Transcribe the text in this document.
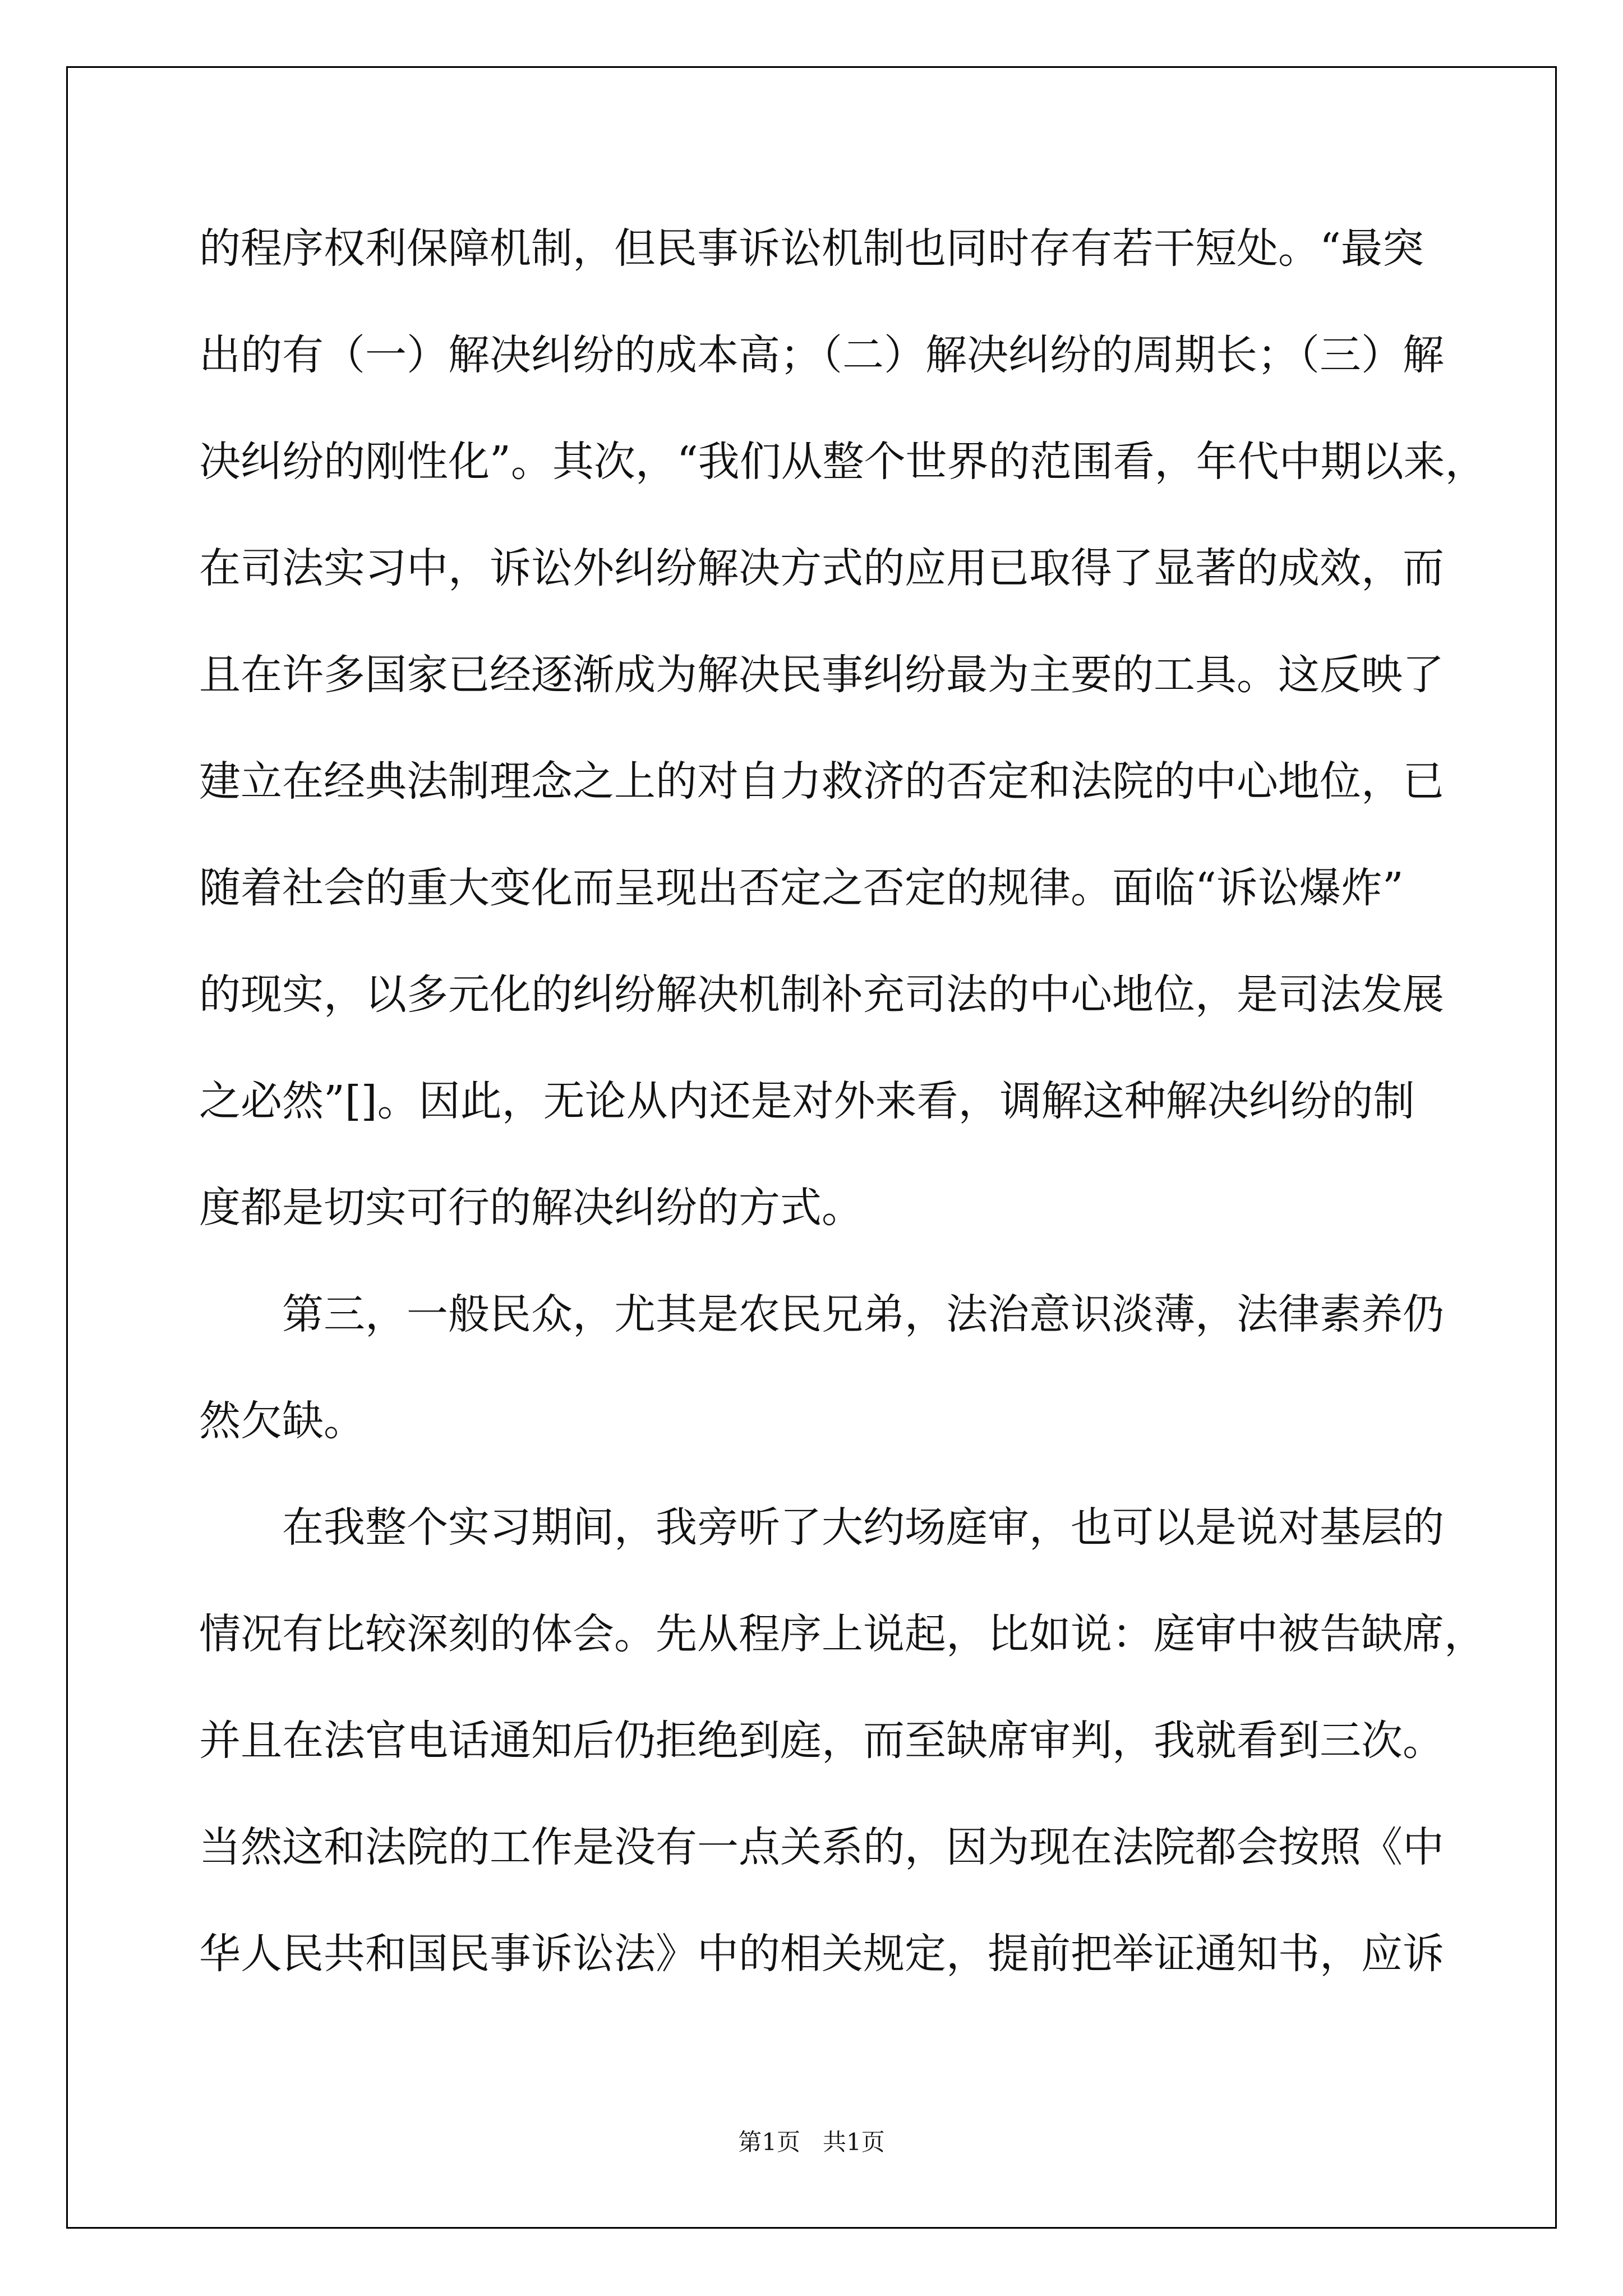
的程序权利保障机制，但民事诉讼机制也同时存有若干短处。“最突
出的有（一）解决纠纷的成本高；（二）解决纠纷的周期长；（三）解
决纠纷的刚性化”。其次，“我们从整个世界的范围看，年代中期以来，
在司法实习中，诉讼外纠纷解决方式的应用已取得了显著的成效，而
且在许多国家已经逐渐成为解决民事纠纷最为主要的工具。这反映了
建立在经典法制理念之上的对自力救济的否定和法院的中心地位，已
随着社会的重大变化而呈现出否定之否定的规律。面临“诉讼爆炸”
的现实，以多元化的纠纷解决机制补充司法的中心地位，是司法发展
之必然”[]。因此，无论从内还是对外来看，调解这种解决纠纷的制
度都是切实可行的解决纠纷的方式。
第三，一般民众，尤其是农民兄弟，法治意识淡薄，法律素养仍
然欠缺。
在我整个实习期间，我旁听了大约场庭审，也可以是说对基层的
情况有比较深刻的体会。先从程序上说起，比如说：庭审中被告缺席，
并且在法官电话通知后仍拒绝到庭，而至缺席审判，我就看到三次。
当然这和法院的工作是没有一点关系的，因为现在法院都会按照《中
华人民共和国民事诉讼法》中的相关规定，提前把举证通知书，应诉
第1页   共1页
